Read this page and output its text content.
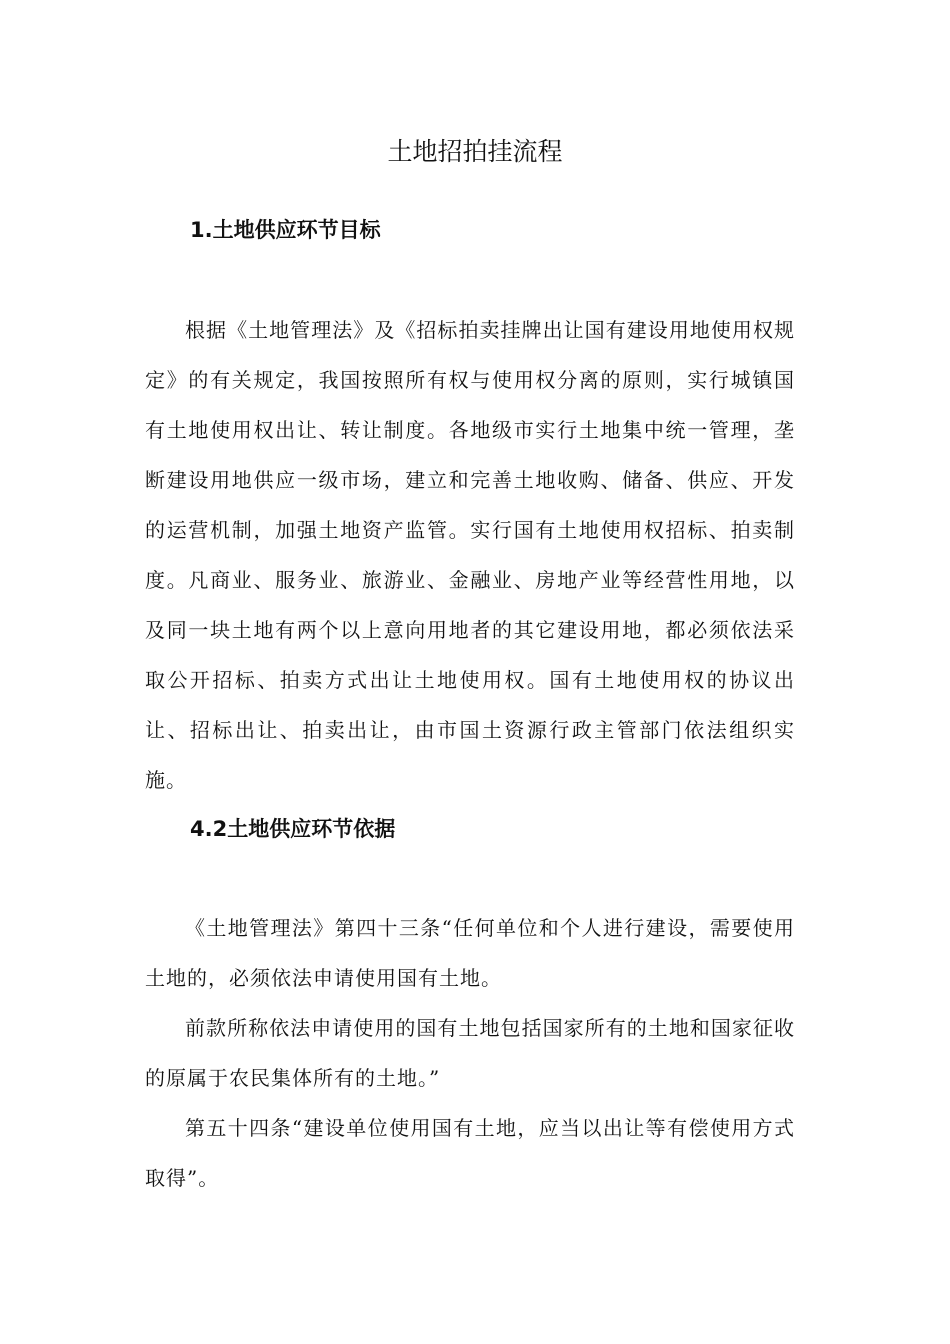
土地招拍挂流程
1.土地供应环节目标

根据《土地管理法》及《招标拍卖挂牌出让国有建设用地使用权规定》的有关规定，我国按照所有权与使用权分离的原则，实行城镇国有土地使用权出让、转让制度。各地级市实行土地集中统一管理，垄断建设用地供应一级市场，建立和完善土地收购、储备、供应、开发的运营机制，加强土地资产监管。实行国有土地使用权招标、拍卖制度。凡商业、服务业、旅游业、金融业、房地产业等经营性用地，以及同一块土地有两个以上意向用地者的其它建设用地，都必须依法采取公开招标、拍卖方式出让土地使用权。国有土地使用权的协议出让、招标出让、拍卖出让，由市国土资源行政主管部门依法组织实施。

4.2土地供应环节依据

《土地管理法》第四十三条“任何单位和个人进行建设，需要使用土地的，必须依法申请使用国有土地。

前款所称依法申请使用的国有土地包括国家所有的土地和国家征收的原属于农民集体所有的土地。”

第五十四条“建设单位使用国有土地，应当以出让等有偿使用方式取得”。
